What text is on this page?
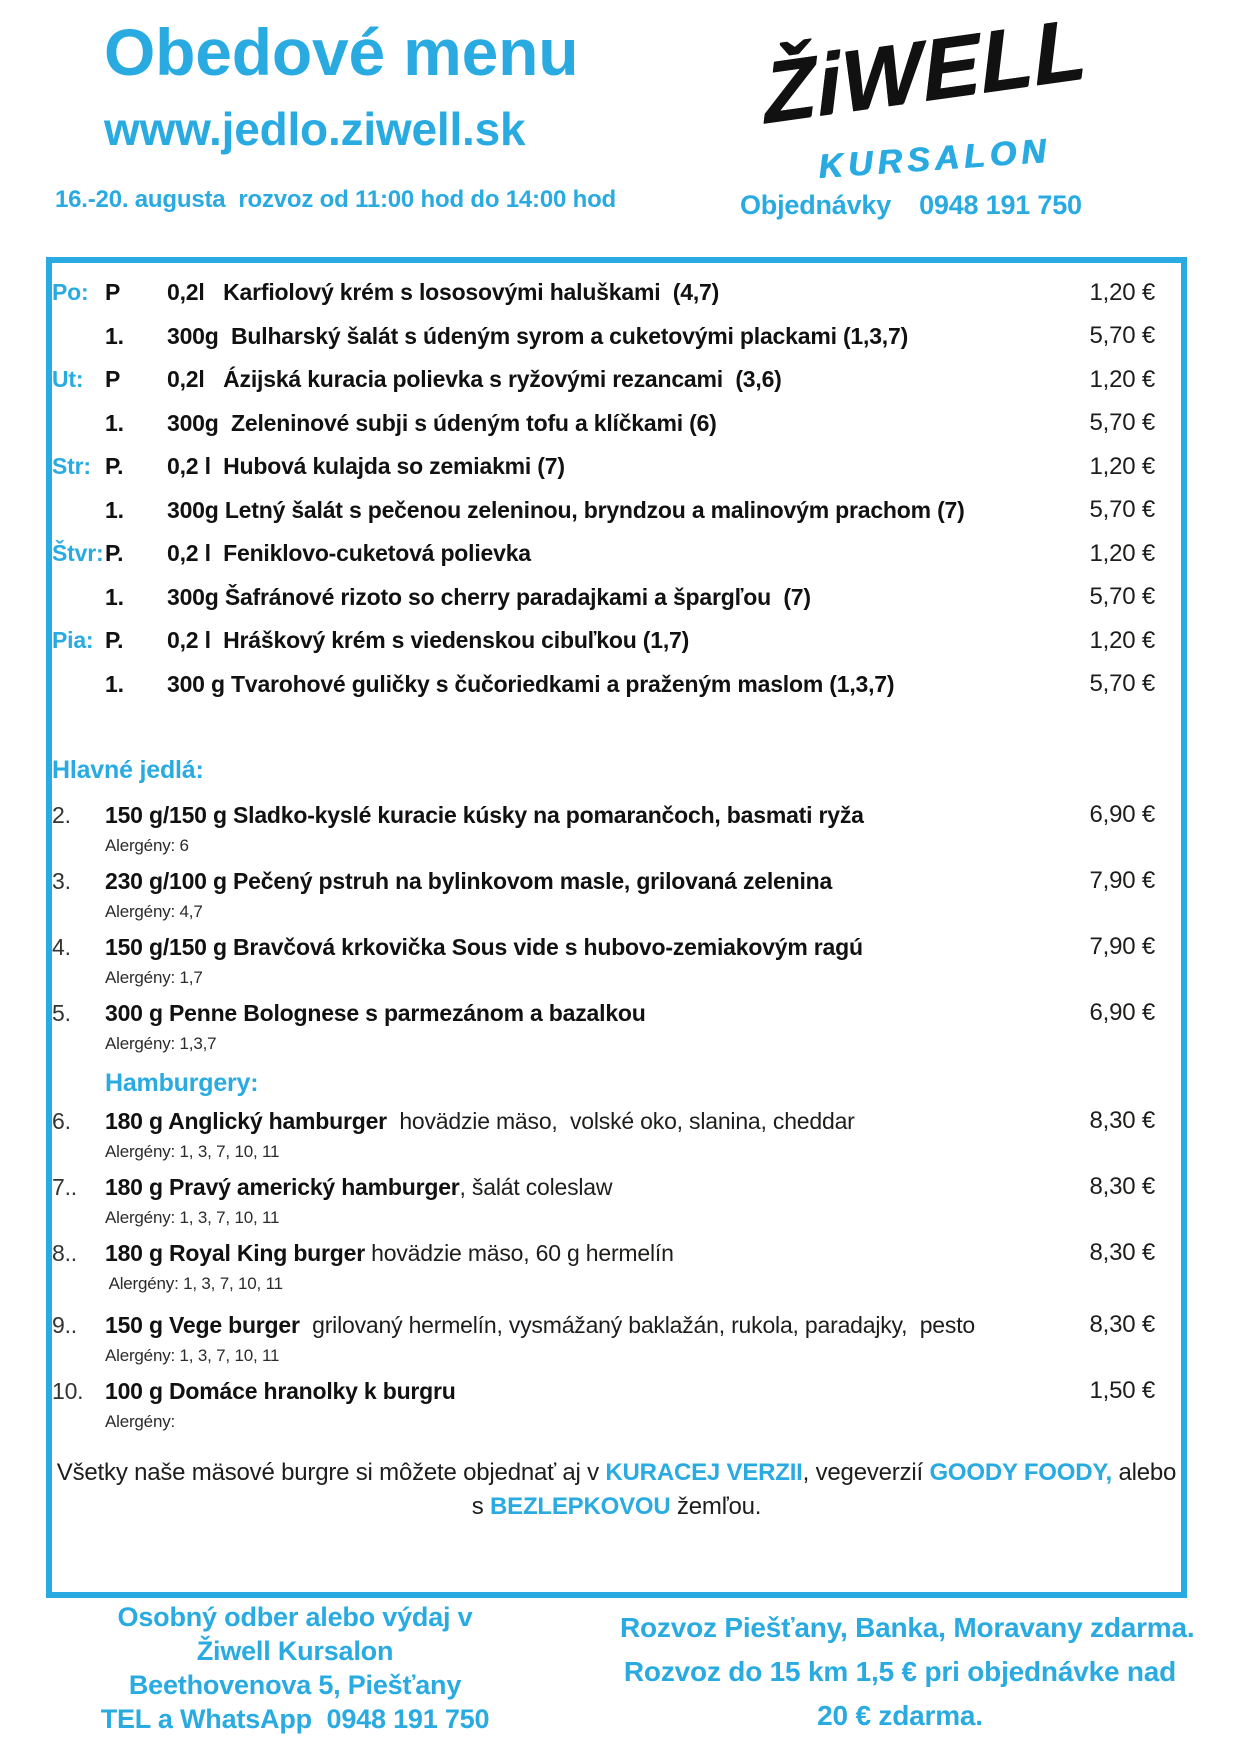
Obedové menu
www.jedlo.ziwell.sk
16.-20. augusta  rozvoz od 11:00 hod do 14:00 hod
ŽiWELL
KURSALON
Objednávky 0948 191 750
Po: P	0,2l   Karfiolový krém s lososovými haluškami  (4,7)	1,20 €
1.	300g  Bulharský šalát s údeným syrom a cuketovými plackami (1,3,7)	5,70 €
Ut: P	0,2l   Ázijská kuracia polievka s ryžovými rezancami  (3,6)	1,20 €
1.	300g  Zeleninové subji s údeným tofu a klíčkami (6)	5,70 €
Str: P.	0,2 l  Hubová kulajda so zemiakmi (7)	1,20 €
1.	300g Letný šalát s pečenou zeleninou, bryndzou a malinovým prachom (7)	5,70 €
Štvr: P.	0,2 l  Feniklovo-cuketová polievka	1,20 €
1.	300g Šafránové rizoto so cherry paradajkami a špargľou  (7)	5,70 €
Pia: P.	0,2 l  Hráškový krém s viedenskou cibuľkou (1,7)	1,20 €
1.	300 g Tvarohové guličky s čučoriedkami a praženým maslom (1,3,7)	5,70 €
Hlavné jedlá:
2.	150 g/150 g Sladko-kyslé kuracie kúsky na pomarančoch, basmati ryža	6,90 €
Alergény: 6
3.	230 g/100 g Pečený pstruh na bylinkovom masle, grilovaná zelenina	7,90 €
Alergény: 4,7
4.	150 g/150 g Bravčová krkovička Sous vide s hubovo-zemiakovým ragú	7,90 €
Alergény: 1,7
5.	300 g Penne Bolognese s parmezánom a bazalkou	6,90 €
Alergény: 1,3,7
Hamburgery:
6.	180 g Anglický hamburger  hovädzie mäso,  volské oko, slanina, cheddar	8,30 €
Alergény: 1, 3, 7, 10, 11
7..	180 g Pravý americký hamburger, šalát coleslaw	8,30 €
Alergény: 1, 3, 7, 10, 11
8..	180 g Royal King burger hovädzie mäso, 60 g hermelín	8,30 €
Alergény: 1, 3, 7, 10, 11
9..	150 g Vege burger  grilovaný hermelín, vysmážaný baklažán, rukola, paradajky,  pesto	8,30 €
Alergény: 1, 3, 7, 10, 11
10. 100 g Domáce hranolky k burgru	1,50 €
Alergény:
Všetky naše mäsové burgre si môžete objednať aj v KURACEJ VERZII, vegeverzií GOODY FOODY, alebo
s BEZLEPKOVOU žemľou.
Osobný odber alebo výdaj v
Žiwell Kursalon
Beethovenova 5, Piešťany
TEL a WhatsApp  0948 191 750
Rozvoz Piešťany, Banka, Moravany zdarma.
Rozvoz do 15 km 1,5 € pri objednávke nad
20 € zdarma.
